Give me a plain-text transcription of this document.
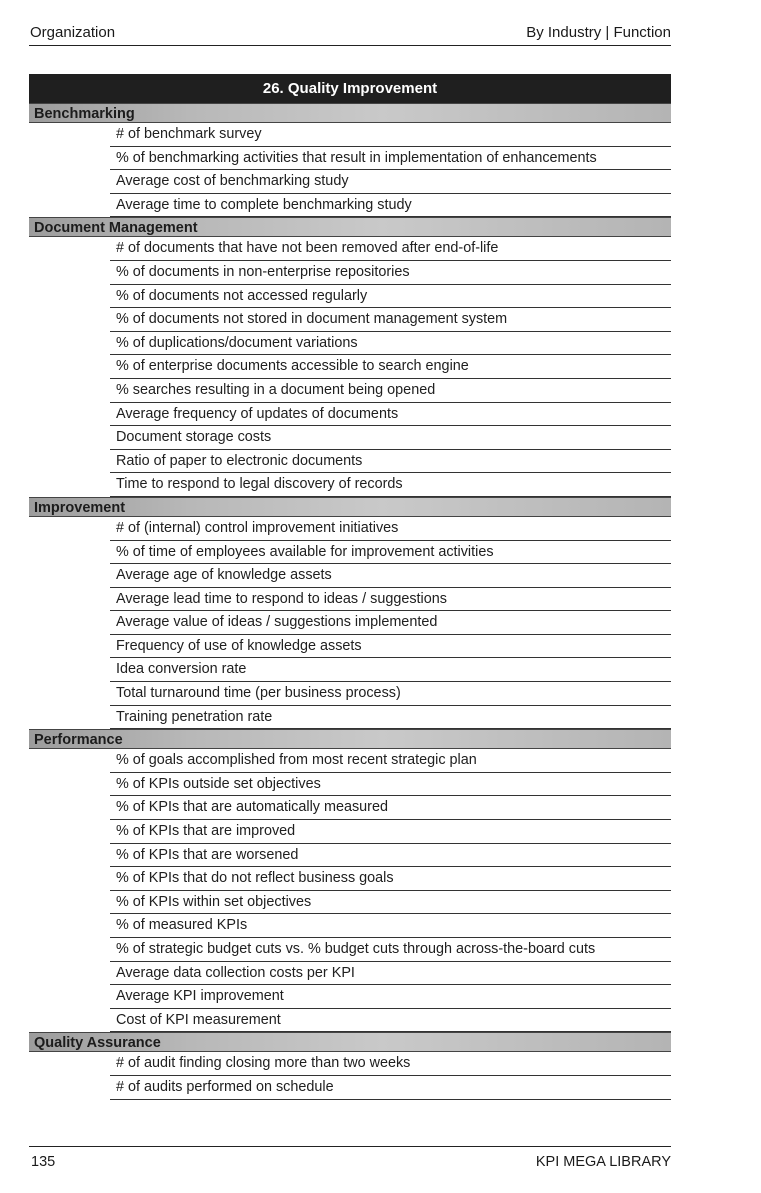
Organization	By Industry | Function
26. Quality Improvement
Benchmarking
# of benchmark survey
% of benchmarking activities that result in implementation of enhancements
Average cost of benchmarking study
Average time to complete benchmarking study
Document Management
# of documents that have not been removed after end-of-life
% of documents in non-enterprise repositories
% of documents not accessed regularly
% of documents not stored in document management system
% of duplications/document variations
% of enterprise documents accessible to search engine
% searches resulting in a document being opened
Average frequency of updates of documents
Document storage costs
Ratio of paper to electronic documents
Time to respond to legal discovery of records
Improvement
# of (internal) control improvement initiatives
% of time of employees available for improvement activities
Average age of knowledge assets
Average lead time to respond to ideas / suggestions
Average value of ideas / suggestions implemented
Frequency of use of knowledge assets
Idea conversion rate
Total turnaround time (per business process)
Training penetration rate
Performance
% of goals accomplished from most recent strategic plan
% of KPIs outside set objectives
% of KPIs that are automatically measured
% of KPIs that are improved
% of KPIs that are worsened
% of KPIs that do not reflect business goals
% of KPIs within set objectives
% of measured KPIs
% of strategic budget cuts vs. % budget cuts through across-the-board cuts
Average data collection costs per KPI
Average KPI improvement
Cost of KPI measurement
Quality Assurance
# of audit finding closing more than two weeks
# of audits performed on schedule
135	KPI MEGA LIBRARY
